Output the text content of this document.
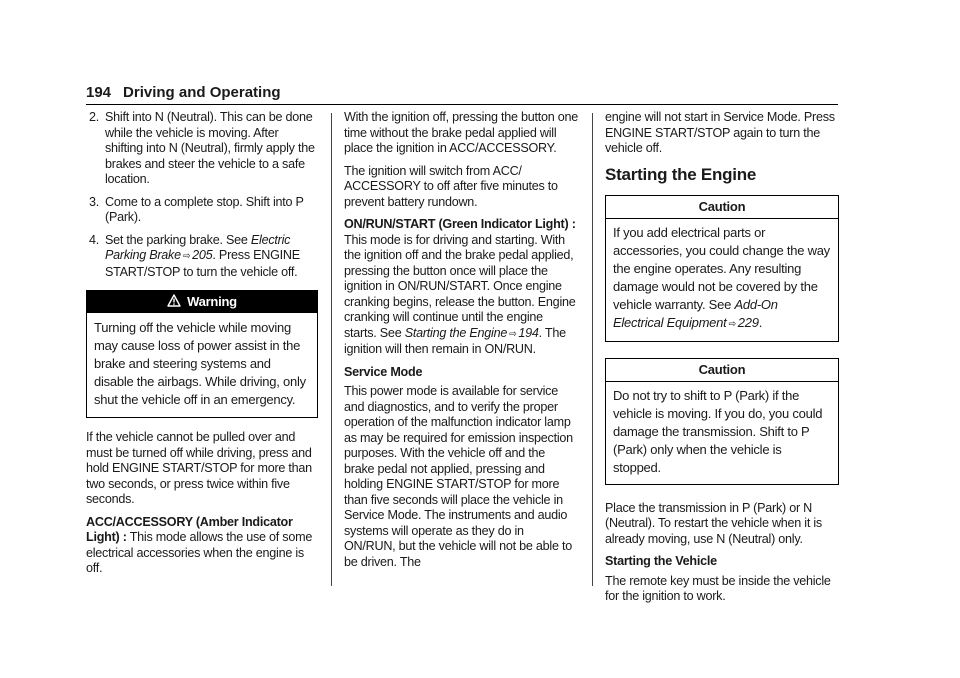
194 Driving and Operating
2. Shift into N (Neutral). This can be done while the vehicle is moving. After shifting into N (Neutral), firmly apply the brakes and steer the vehicle to a safe location.
3. Come to a complete stop. Shift into P (Park).
4. Set the parking brake. See Electric Parking Brake ⇨ 205. Press ENGINE START/STOP to turn the vehicle off.
Warning
Turning off the vehicle while moving may cause loss of power assist in the brake and steering systems and disable the airbags. While driving, only shut the vehicle off in an emergency.

If the vehicle cannot be pulled over and must be turned off while driving, press and hold ENGINE START/STOP for more than two seconds, or press twice within five seconds.

ACC/ACCESSORY (Amber Indicator Light) : This mode allows the use of some electrical accessories when the engine is off.

With the ignition off, pressing the button one time without the brake pedal applied will place the ignition in ACC/ACCESSORY.

The ignition will switch from ACC/ ACCESSORY to off after five minutes to prevent battery rundown.

ON/RUN/START (Green Indicator Light) : This mode is for driving and starting. With the ignition off and the brake pedal applied, pressing the button once will place the ignition in ON/RUN/START. Once engine cranking begins, release the button. Engine cranking will continue until the engine starts. See Starting the Engine ⇨ 194. The ignition will then remain in ON/RUN.

Service Mode

This power mode is available for service and diagnostics, and to verify the proper operation of the malfunction indicator lamp as may be required for emission inspection purposes. With the vehicle off and the brake pedal not applied, pressing and holding ENGINE START/STOP for more than five seconds will place the vehicle in Service Mode. The instruments and audio systems will operate as they do in ON/RUN, but the vehicle will not be able to be driven. The

engine will not start in Service Mode. Press ENGINE START/STOP again to turn the vehicle off.

Starting the Engine
Caution
If you add electrical parts or accessories, you could change the way the engine operates. Any resulting damage would not be covered by the vehicle warranty. See Add-On Electrical Equipment ⇨ 229.
Caution
Do not try to shift to P (Park) if the vehicle is moving. If you do, you could damage the transmission. Shift to P (Park) only when the vehicle is stopped.

Place the transmission in P (Park) or N (Neutral). To restart the vehicle when it is already moving, use N (Neutral) only.

Starting the Vehicle

The remote key must be inside the vehicle for the ignition to work.
